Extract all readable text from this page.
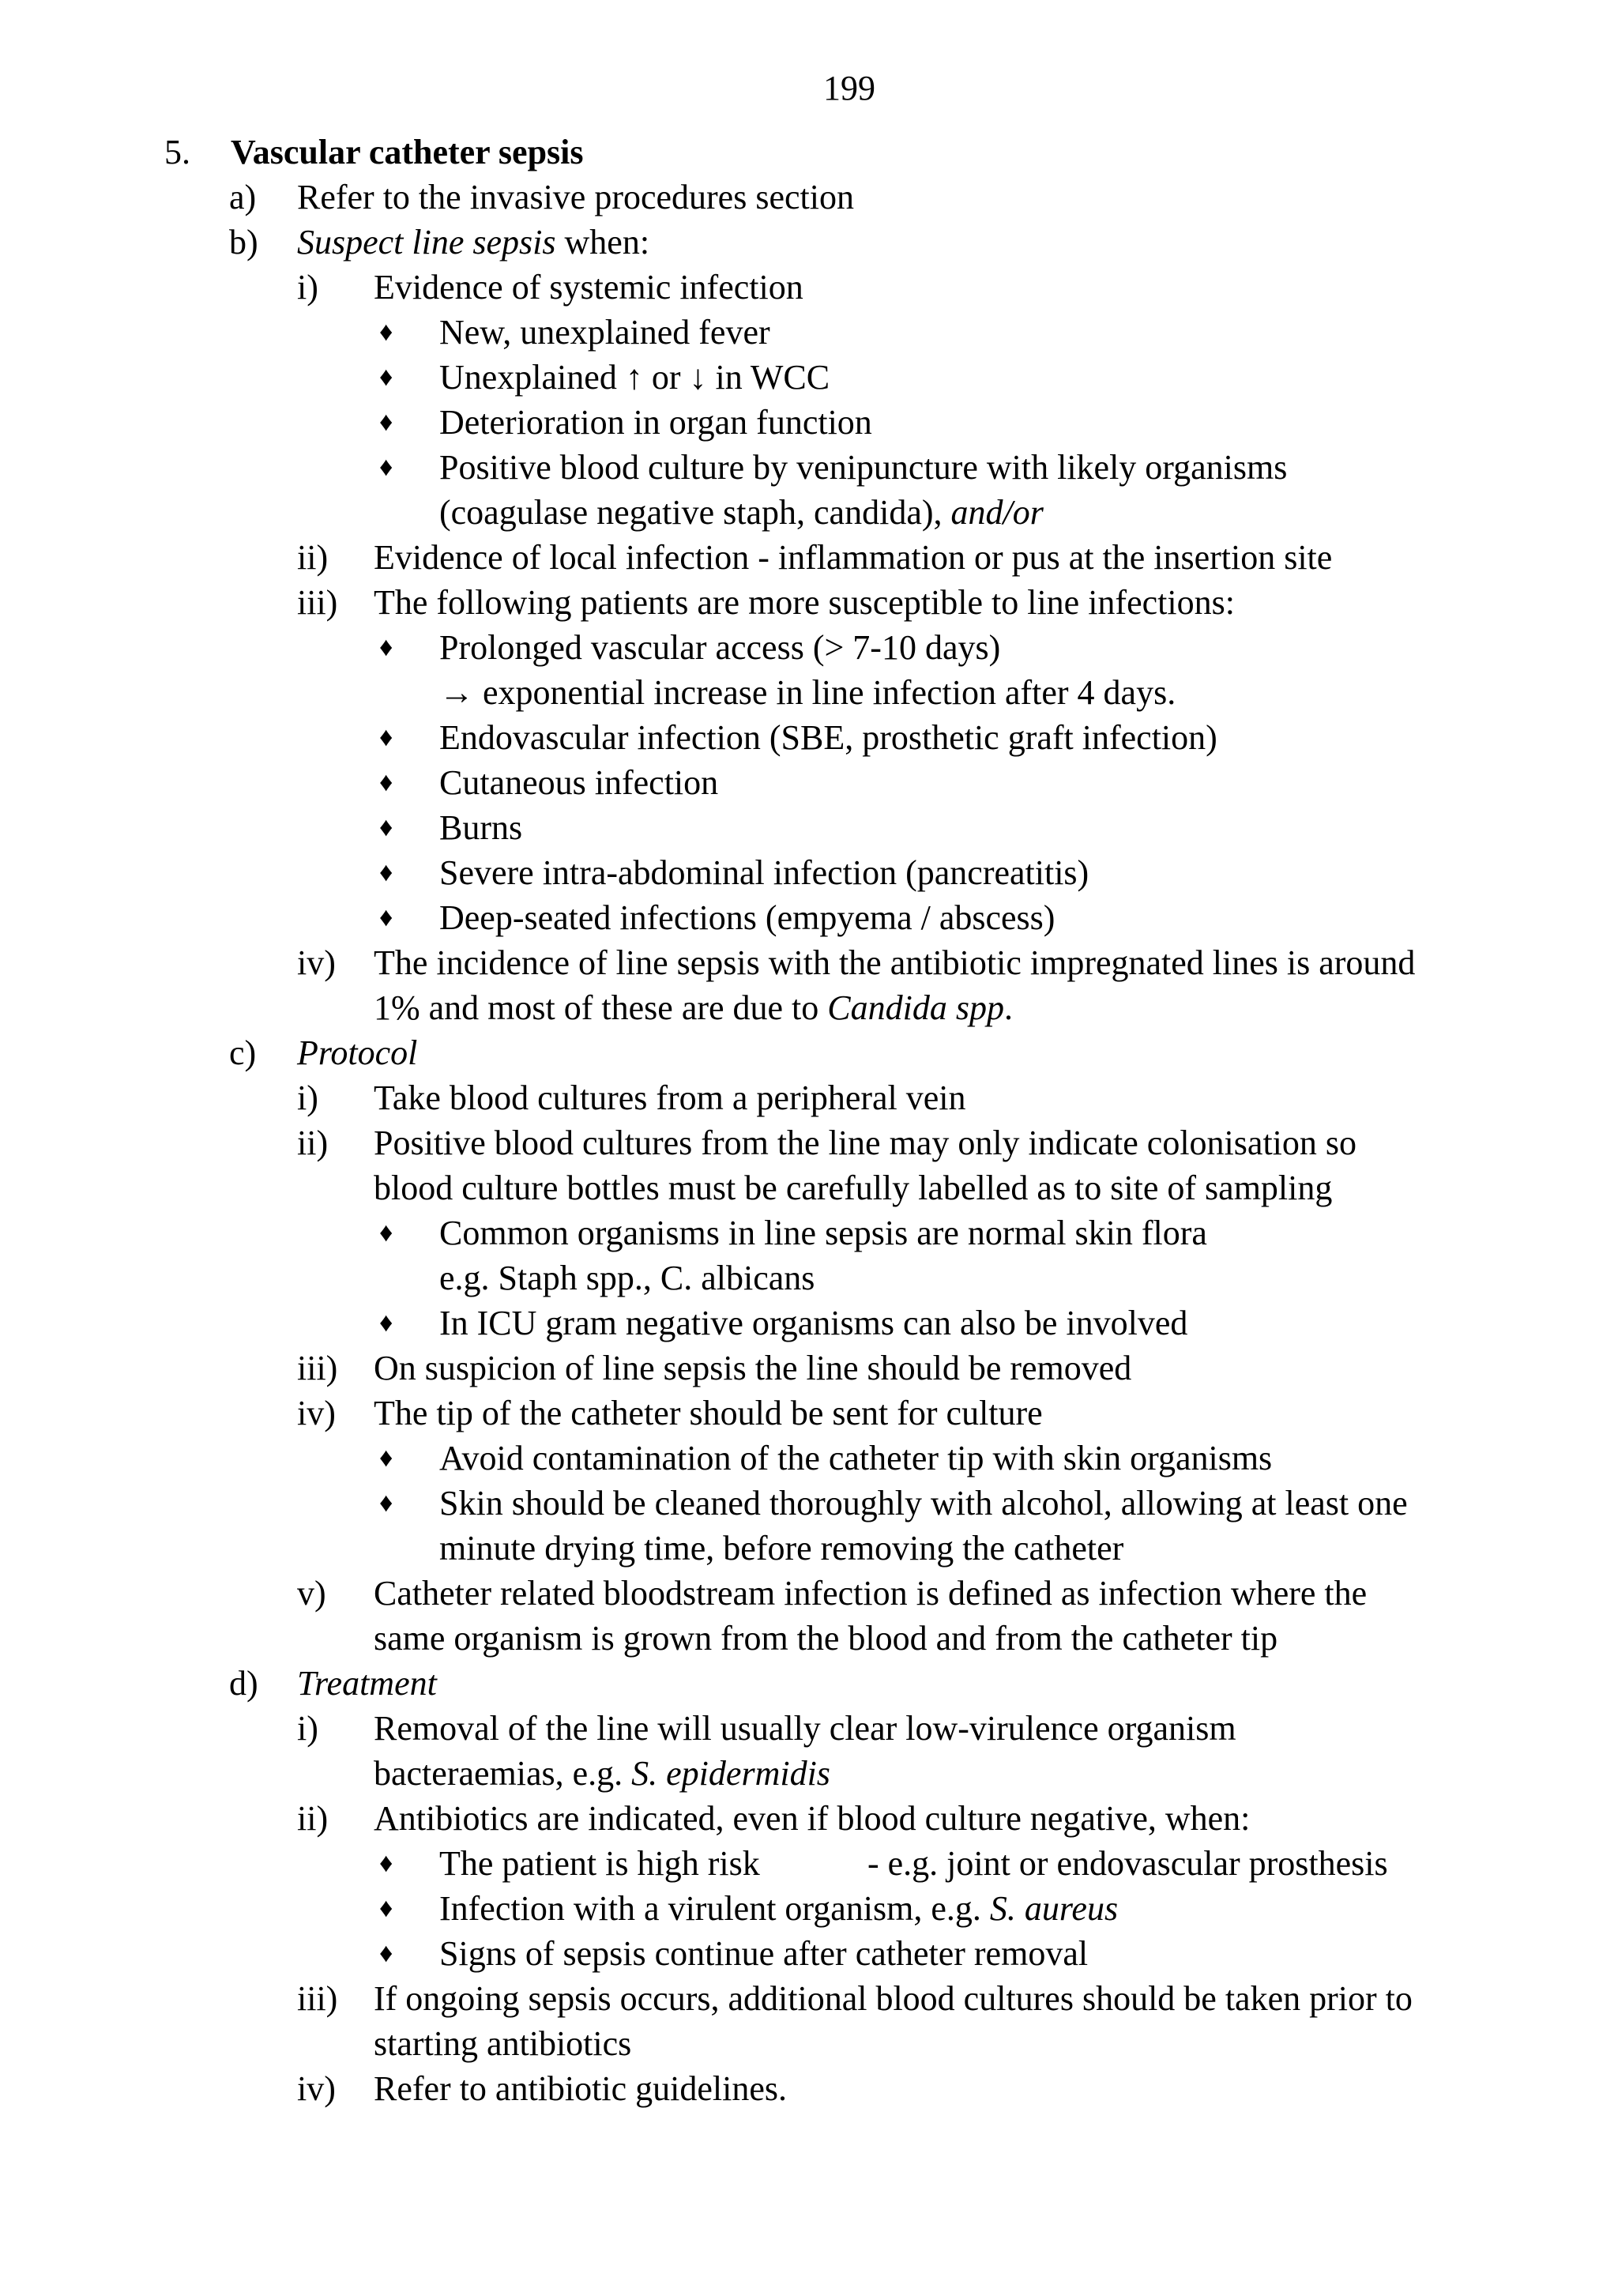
199
5. Vascular catheter sepsis
a) Refer to the invasive procedures section
b) Suspect line sepsis when:
i) Evidence of systemic infection
♦ New, unexplained fever
♦ Unexplained ↑ or ↓ in WCC
♦ Deterioration in organ function
♦ Positive blood culture by venipuncture with likely organisms
(coagulase negative staph, candida), and/or
ii) Evidence of local infection - inflammation or pus at the insertion site
iii) The following patients are more susceptible to line infections:
♦ Prolonged vascular access (> 7-10 days)
→ exponential increase in line infection after 4 days.
♦ Endovascular infection (SBE, prosthetic graft infection)
♦ Cutaneous infection
♦ Burns
♦ Severe intra-abdominal infection (pancreatitis)
♦ Deep-seated infections (empyema / abscess)
iv) The incidence of line sepsis with the antibiotic impregnated lines is around
1% and most of these are due to Candida spp.
c) Protocol
i) Take blood cultures from a peripheral vein
ii) Positive blood cultures from the line may only indicate colonisation so
blood culture bottles must be carefully labelled as to site of sampling
♦ Common organisms in line sepsis are normal skin flora
e.g. Staph spp., C. albicans
♦ In ICU gram negative organisms can also be involved
iii) On suspicion of line sepsis the line should be removed
iv) The tip of the catheter should be sent for culture
♦ Avoid contamination of the catheter tip with skin organisms
♦ Skin should be cleaned thoroughly with alcohol, allowing at least one
minute drying time, before removing the catheter
v) Catheter related bloodstream infection is defined as infection where the
same organism is grown from the blood and from the catheter tip
d) Treatment
i) Removal of the line will usually clear low-virulence organism
bacteraemias, e.g. S. epidermidis
ii) Antibiotics are indicated, even if blood culture negative, when:
♦ The patient is high risk	- e.g. joint or endovascular prosthesis
♦ Infection with a virulent organism, e.g. S. aureus
♦ Signs of sepsis continue after catheter removal
iii) If ongoing sepsis occurs, additional blood cultures should be taken prior to
starting antibiotics
iv) Refer to antibiotic guidelines.
